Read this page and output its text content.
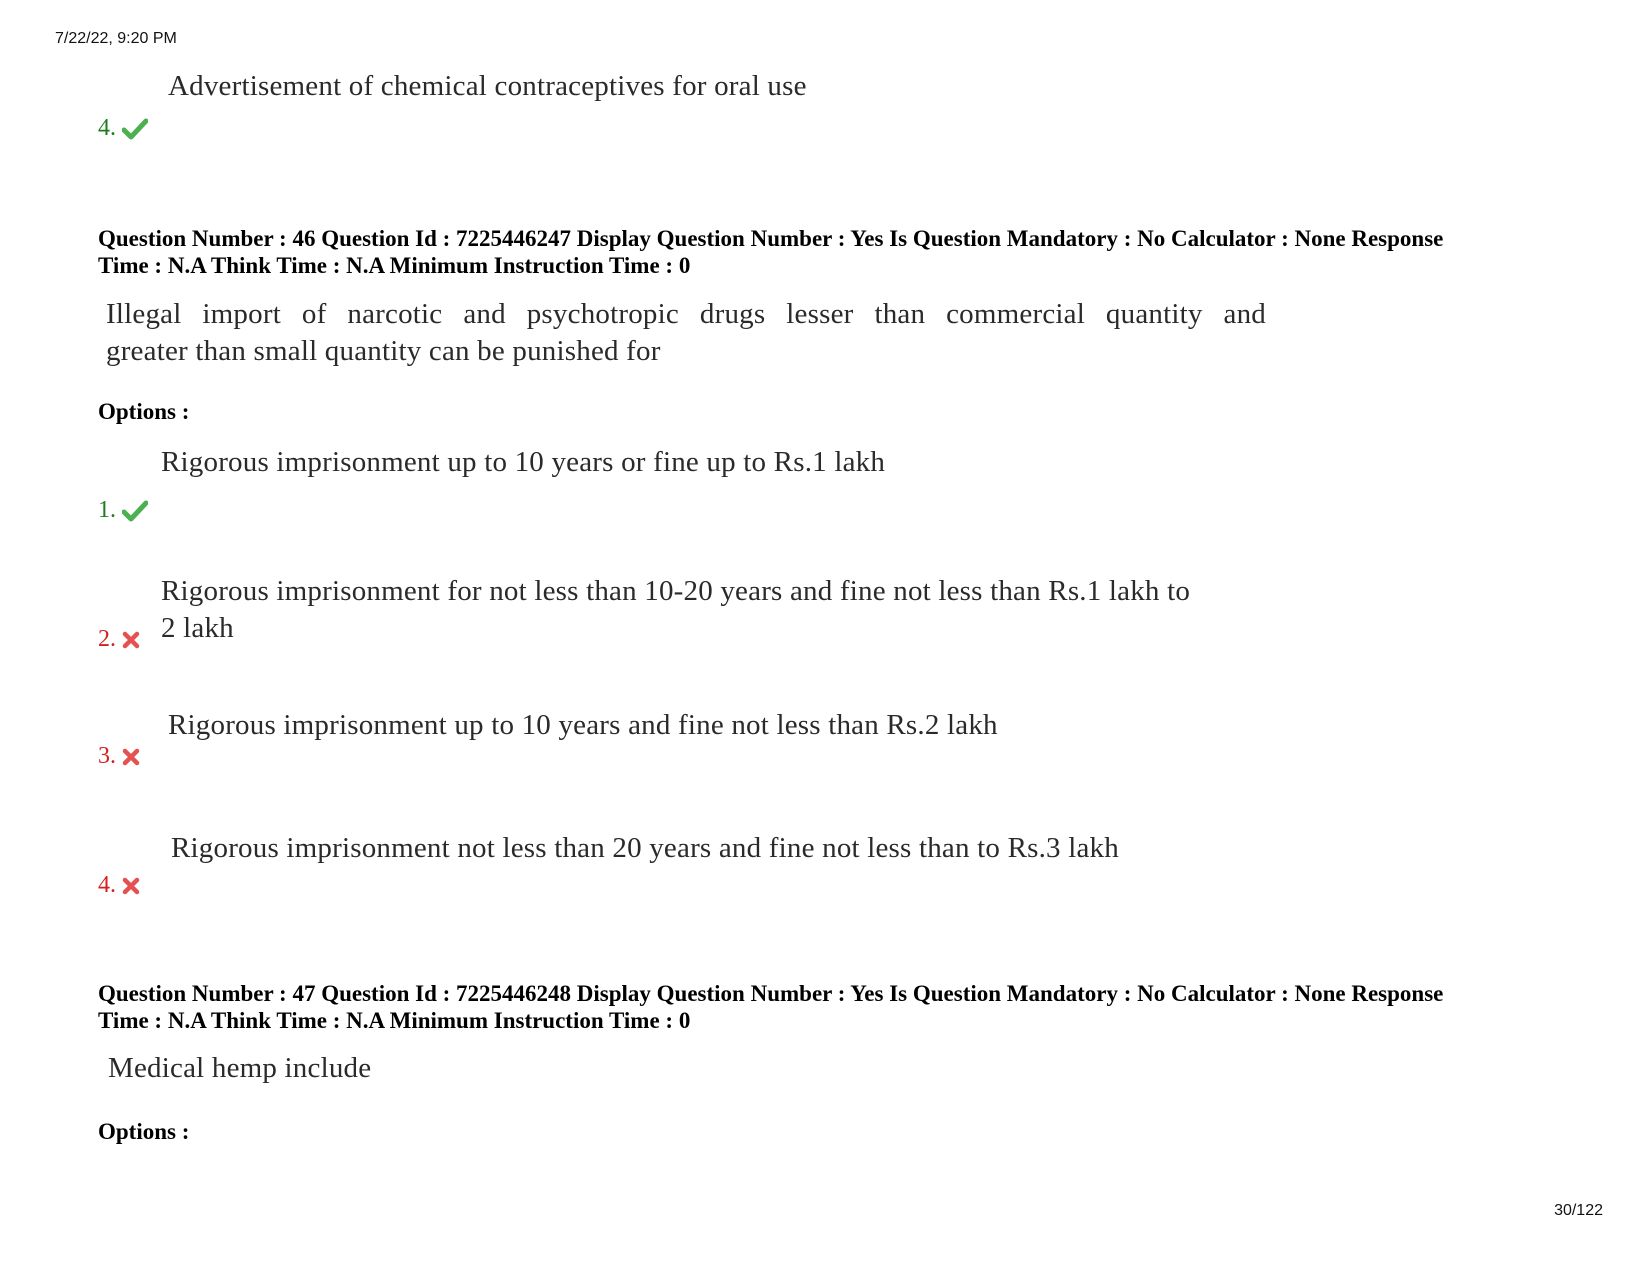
7/22/22, 9:20 PM
Advertisement of chemical contraceptives for oral use
4.
Question Number : 46 Question Id : 7225446247 Display Question Number : Yes Is Question Mandatory : No Calculator : None Response
Time : N.A Think Time : N.A Minimum Instruction Time : 0
Illegal import of narcotic and psychotropic drugs lesser than commercial quantity and
greater than small quantity can be punished for
Options :
Rigorous imprisonment up to 10 years or fine up to Rs.1 lakh
1.
Rigorous imprisonment for not less than 10-20 years and fine not less than Rs.1 lakh to
2 lakh
2.
Rigorous imprisonment up to 10 years and fine not less than Rs.2 lakh
3.
Rigorous imprisonment not less than 20 years and fine not less than to Rs.3 lakh
4.
Question Number : 47 Question Id : 7225446248 Display Question Number : Yes Is Question Mandatory : No Calculator : None Response
Time : N.A Think Time : N.A Minimum Instruction Time : 0
Medical hemp include
Options :
30/122
